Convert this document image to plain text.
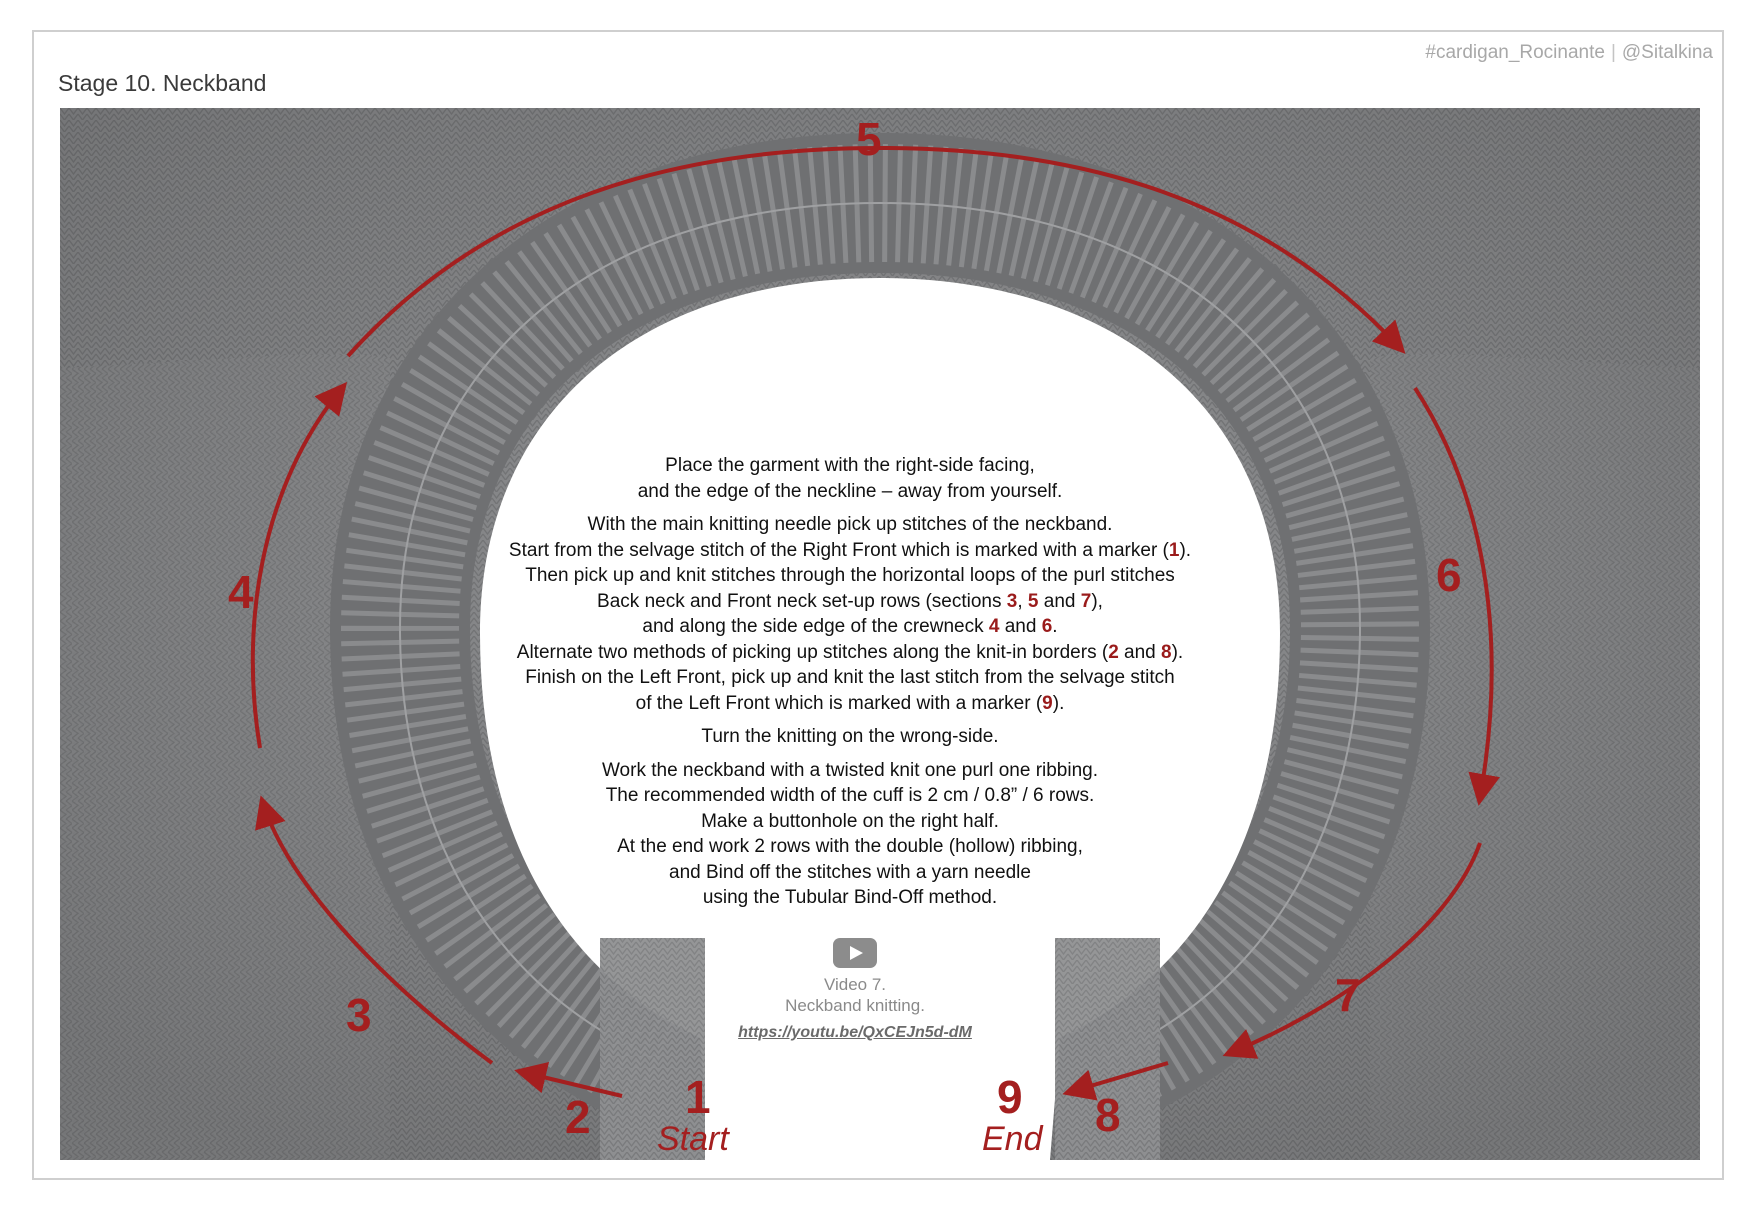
#cardigan_Rocinante | @Sitalkina
Stage 10. Neckband
5
4	6
3	7
2 1
Start
9
End 8

Place the garment with the right-side facing,
and the edge of the neckline – away from yourself.

With the main knitting needle pick up stitches of the neckband.
Start from the selvage stitch of the Right Front which is marked with a marker (1).
Then pick up and knit stitches through the horizontal loops of the purl stitches
Back neck and Front neck set-up rows (sections 3, 5 and 7),
and along the side edge of the crewneck 4 and 6.
Alternate two methods of picking up stitches along the knit-in borders (2 and 8).
Finish on the Left Front, pick up and knit the last stitch from the selvage stitch
of the Left Front which is marked with a marker (9).

Turn the knitting on the wrong-side.

Work the neckband with a twisted knit one purl one ribbing.
The recommended width of the cuff is 2 cm / 0.8” / 6 rows.
Make a buttonhole on the right half.
At the end work 2 rows with the double (hollow) ribbing,
and Bind off the stitches with a yarn needle
using the Tubular Bind-Off method.

Video 7.
Neckband knitting.
https://youtu.be/QxCEJn5d-dM
